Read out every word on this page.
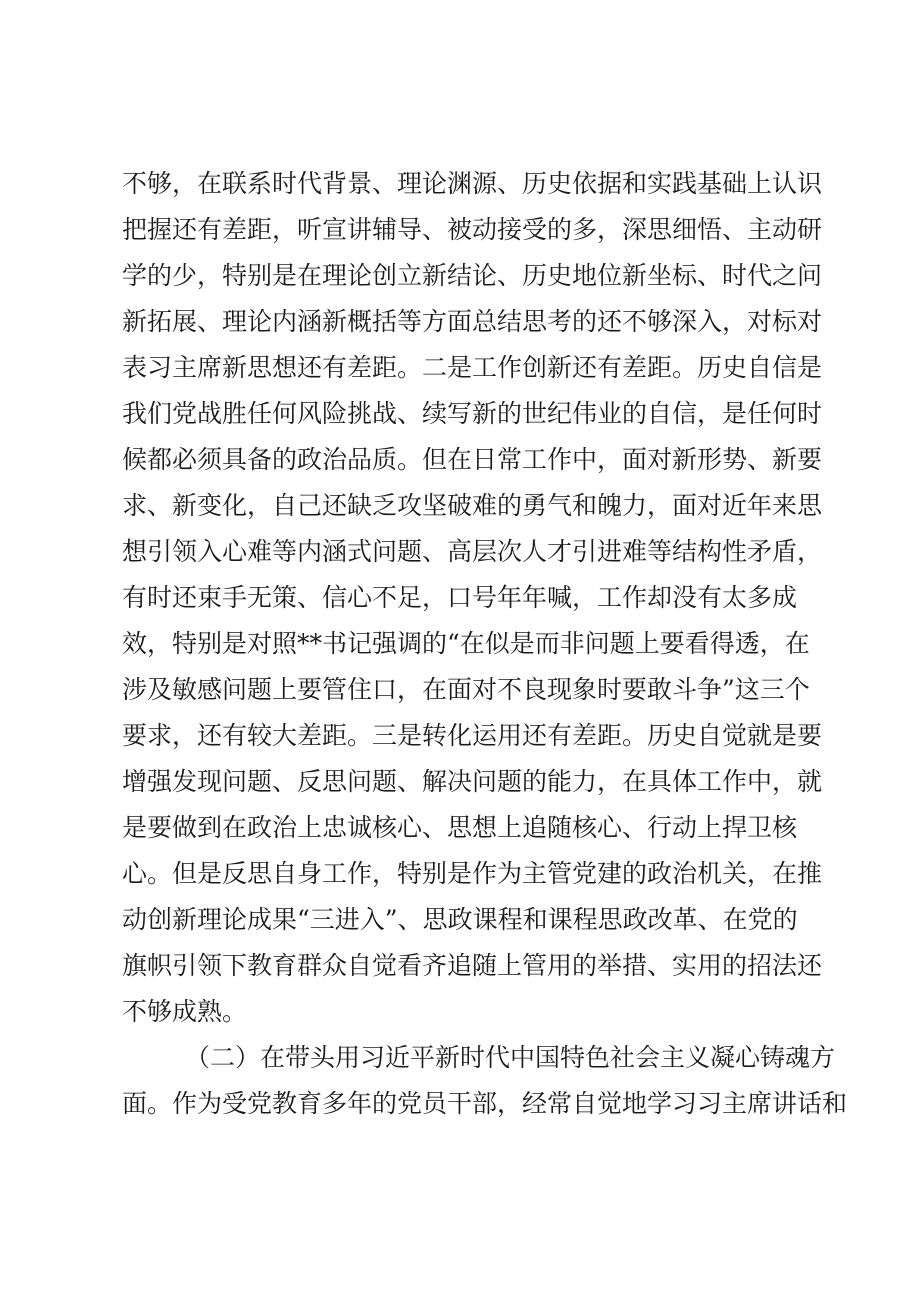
不够，在联系时代背景、理论渊源、历史依据和实践基础上认识
把握还有差距，听宣讲辅导、被动接受的多，深思细悟、主动研
学的少，特别是在理论创立新结论、历史地位新坐标、时代之问
新拓展、理论内涵新概括等方面总结思考的还不够深入，对标对
表习主席新思想还有差距。二是工作创新还有差距。历史自信是
我们党战胜任何风险挑战、续写新的世纪伟业的自信，是任何时
候都必须具备的政治品质。但在日常工作中，面对新形势、新要
求、新变化，自己还缺乏攻坚破难的勇气和魄力，面对近年来思
想引领入心难等内涵式问题、高层次人才引进难等结构性矛盾，
有时还束手无策、信心不足，口号年年喊，工作却没有太多成
效，特别是对照**书记强调的“在似是而非问题上要看得透，在
涉及敏感问题上要管住口，在面对不良现象时要敢斗争”这三个
要求，还有较大差距。三是转化运用还有差距。历史自觉就是要
增强发现问题、反思问题、解决问题的能力，在具体工作中，就
是要做到在政治上忠诚核心、思想上追随核心、行动上捍卫核
心。但是反思自身工作，特别是作为主管党建的政治机关，在推
动创新理论成果“三进入”、思政课程和课程思政改革、在党的
旗帜引领下教育群众自觉看齐追随上管用的举措、实用的招法还
不够成熟。
（二）在带头用习近平新时代中国特色社会主义凝心铸魂方
面。作为受党教育多年的党员干部，经常自觉地学习习主席讲话和
